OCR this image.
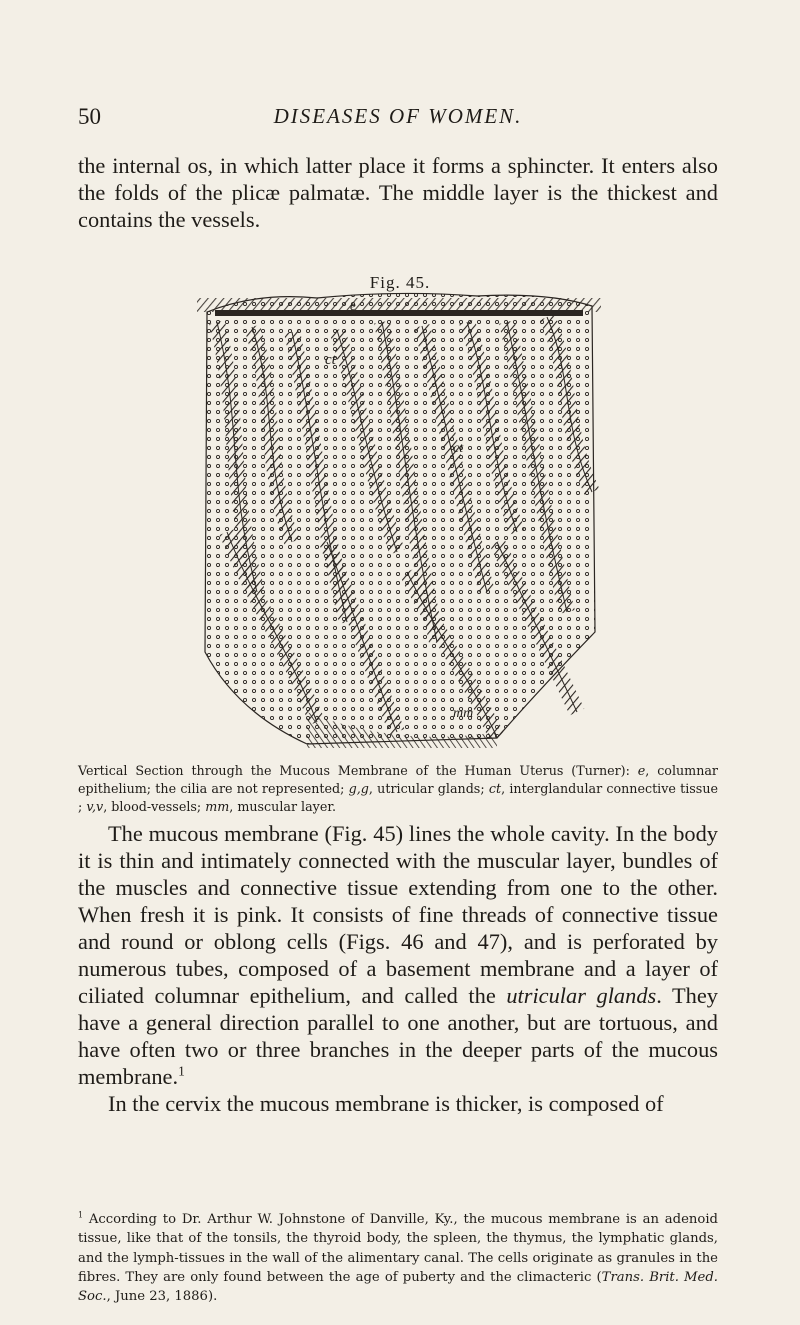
50	DISEASES OF WOMEN.

the internal os, in which latter place it forms a sphincter. It enters also the folds of the plicæ palmatæ. The middle layer is the thickest and contains the vessels.

Fig. 45.
e
ct
ct
mm
Vertical Section through the Mucous Membrane of the Human Uterus (Turner): e, columnar epithelium; the cilia are not represented; g,g, utricular glands; ct, interglandular connective tissue ; v,v, blood-vessels; mm, muscular layer.

The mucous membrane (Fig. 45) lines the whole cavity. In the body it is thin and intimately connected with the muscular layer, bundles of the muscles and connective tissue extending from one to the other. When fresh it is pink. It consists of fine threads of connective tissue and round or oblong cells (Figs. 46 and 47), and is perforated by numerous tubes, composed of a basement membrane and a layer of ciliated columnar epithelium, and called the utricular glands. They have a general direction parallel to one another, but are tortuous, and have often two or three branches in the deeper parts of the mucous membrane.$^1$

In the cervix the mucous membrane is thicker, is composed of

$^1$ According to Dr. Arthur W. Johnstone of Danville, Ky., the mucous membrane is an adenoid tissue, like that of the tonsils, the thyroid body, the spleen, the thymus, the lymphatic glands, and the lymph-tissues in the wall of the alimentary canal. The cells originate as granules in the fibres. They are only found between the age of puberty and the climacteric (Trans. Brit. Med. Soc., June 23, 1886).
